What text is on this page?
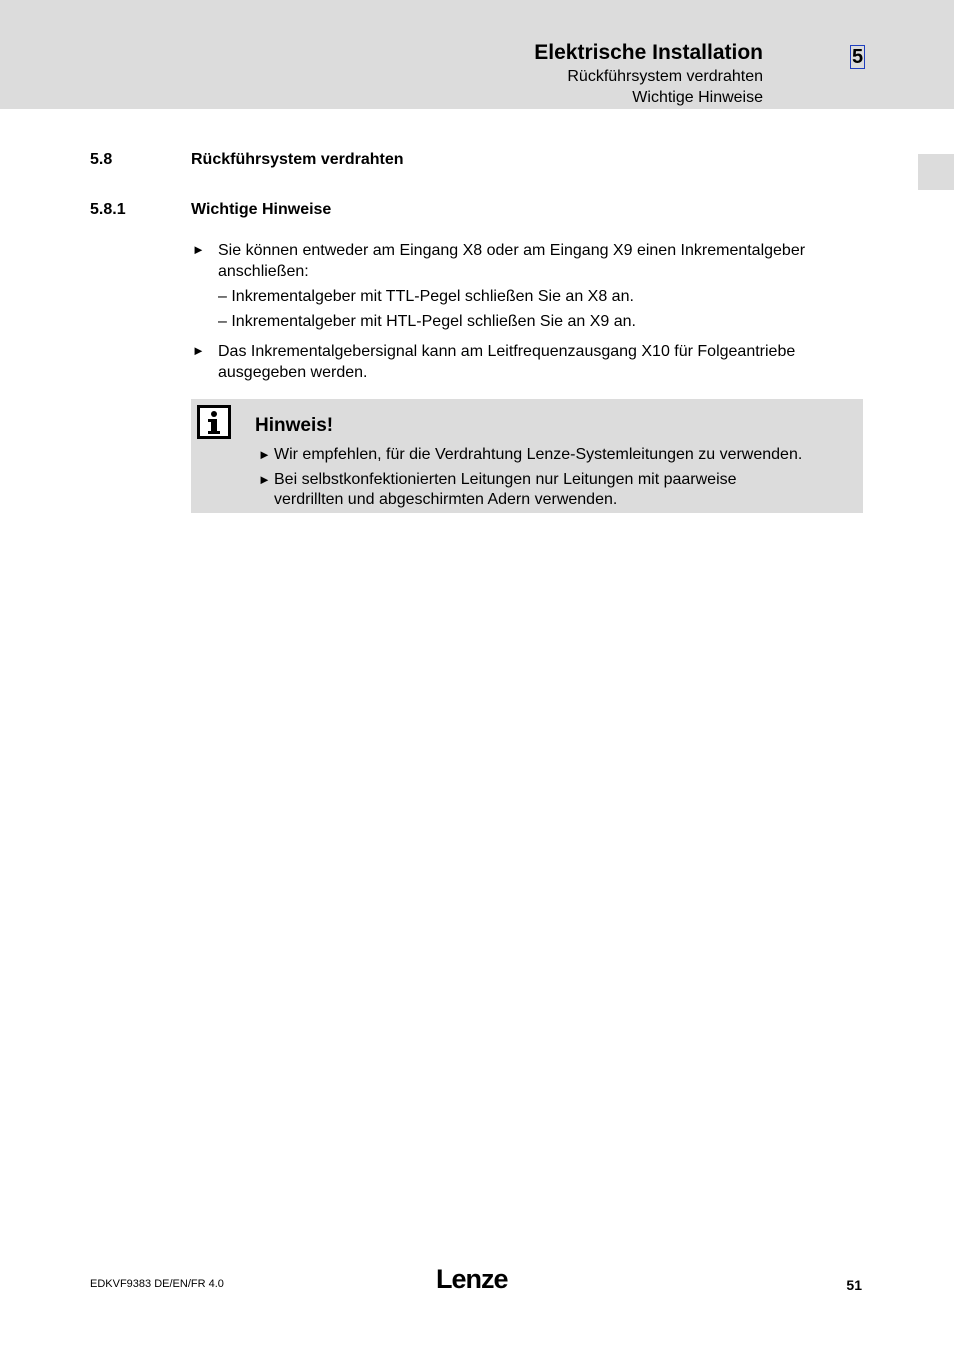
Elektrische Installation
Rückführsystem verdrahten
Wichtige Hinweise
5
5.8	Rückführsystem verdrahten
5.8.1	Wichtige Hinweise
► Sie können entweder am Eingang X8 oder am Eingang X9 einen Inkrementalgeber
anschließen:
– Inkrementalgeber mit TTL-Pegel schließen Sie an X8 an.
– Inkrementalgeber mit HTL-Pegel schließen Sie an X9 an.
► Das Inkrementalgebersignal kann am Leitfrequenzausgang X10 für Folgeantriebe
ausgegeben werden.
Hinweis!
► Wir empfehlen, für die Verdrahtung Lenze-Systemleitungen zu verwenden.
► Bei selbstkonfektionierten Leitungen nur Leitungen mit paarweise
verdrillten und abgeschirmten Adern verwenden.
EDKVF9383 DE/EN/FR 4.0	Lenze	51
